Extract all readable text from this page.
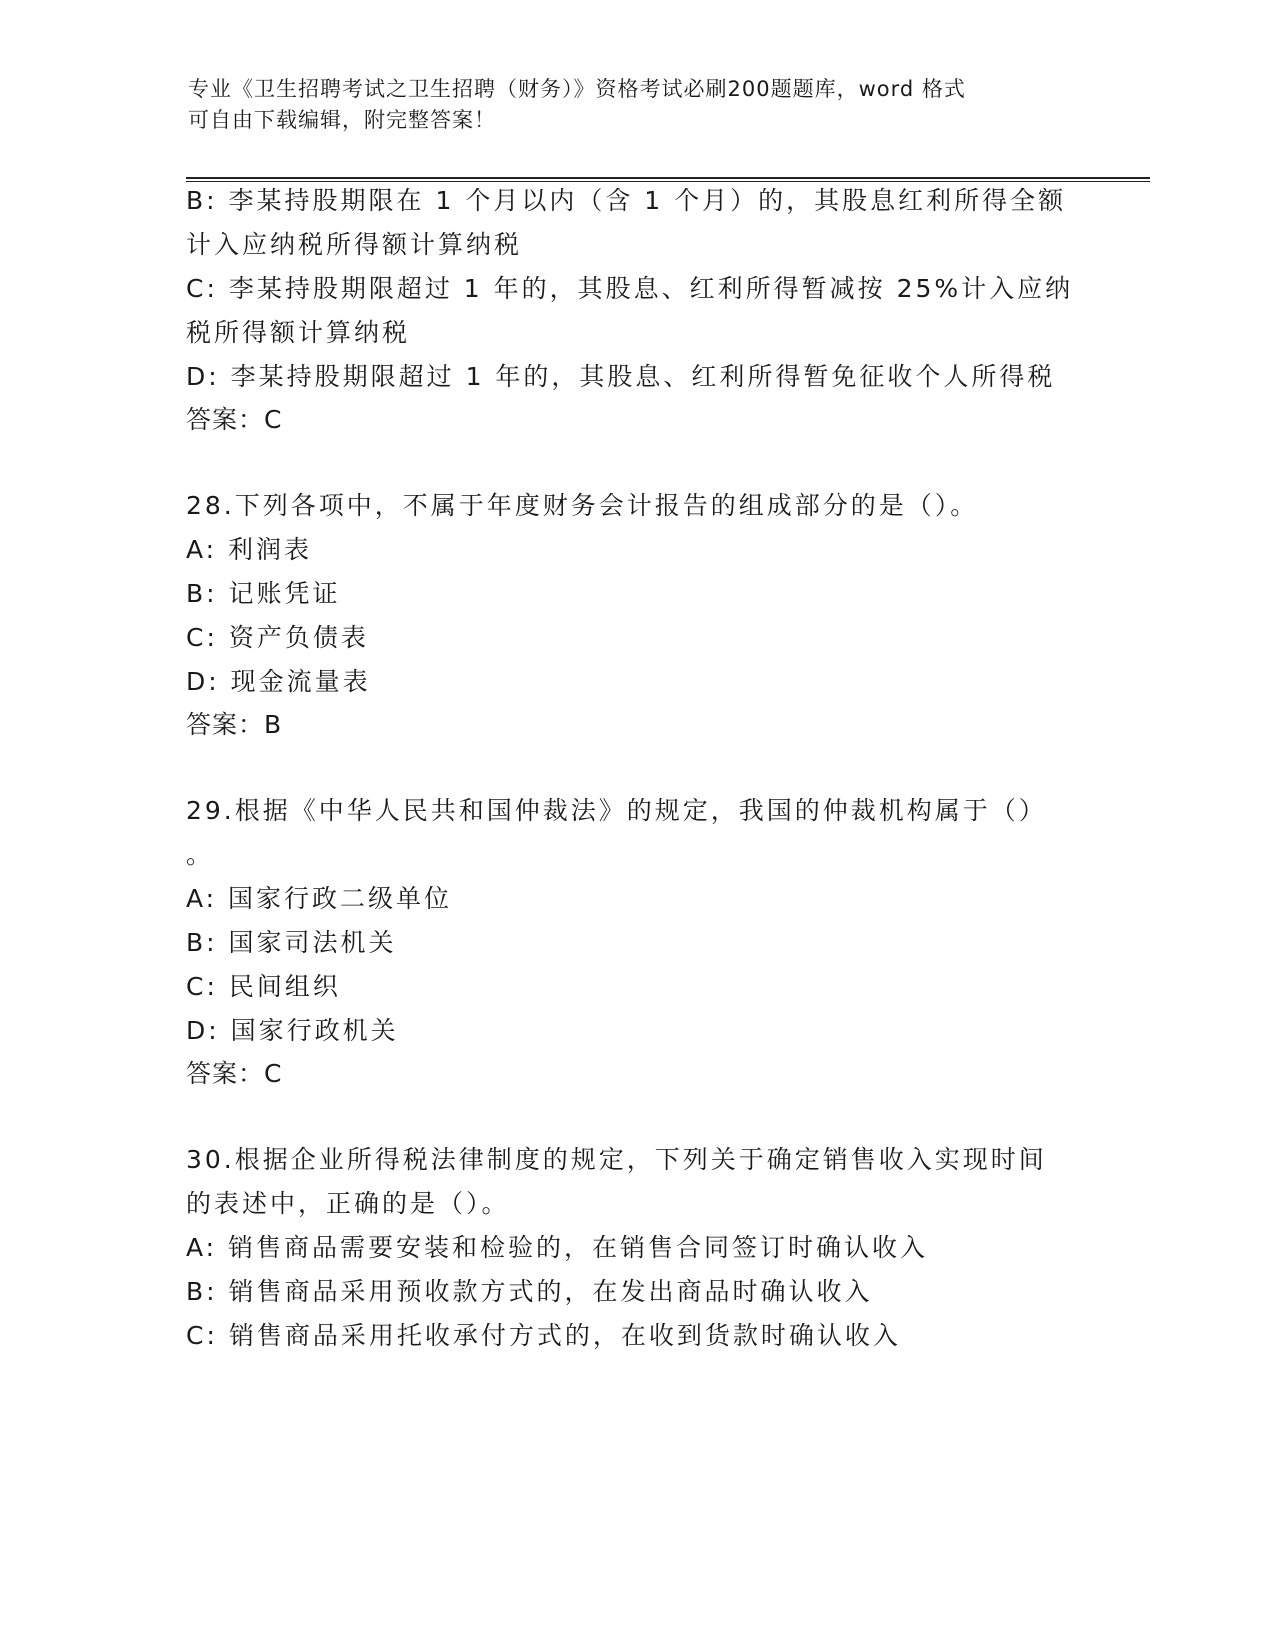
专业《卫生招聘考试之卫生招聘（财务）》资格考试必刷200题题库，word 格式
可自由下载编辑，附完整答案！
B: 李某持股期限在 1 个月以内（含 1 个月）的，其股息红利所得全额
计入应纳税所得额计算纳税
C: 李某持股期限超过 1 年的，其股息、红利所得暂减按 25%计入应纳
税所得额计算纳税
D: 李某持股期限超过 1 年的，其股息、红利所得暂免征收个人所得税
答案：C
28.下列各项中，不属于年度财务会计报告的组成部分的是（）。
A: 利润表
B: 记账凭证
C: 资产负债表
D: 现金流量表
答案：B
29.根据《中华人民共和国仲裁法》的规定，我国的仲裁机构属于（）
。
A: 国家行政二级单位
B: 国家司法机关
C: 民间组织
D: 国家行政机关
答案：C
30.根据企业所得税法律制度的规定，下列关于确定销售收入实现时间
的表述中，正确的是（）。
A: 销售商品需要安装和检验的，在销售合同签订时确认收入
B: 销售商品采用预收款方式的，在发出商品时确认收入
C: 销售商品采用托收承付方式的，在收到货款时确认收入
